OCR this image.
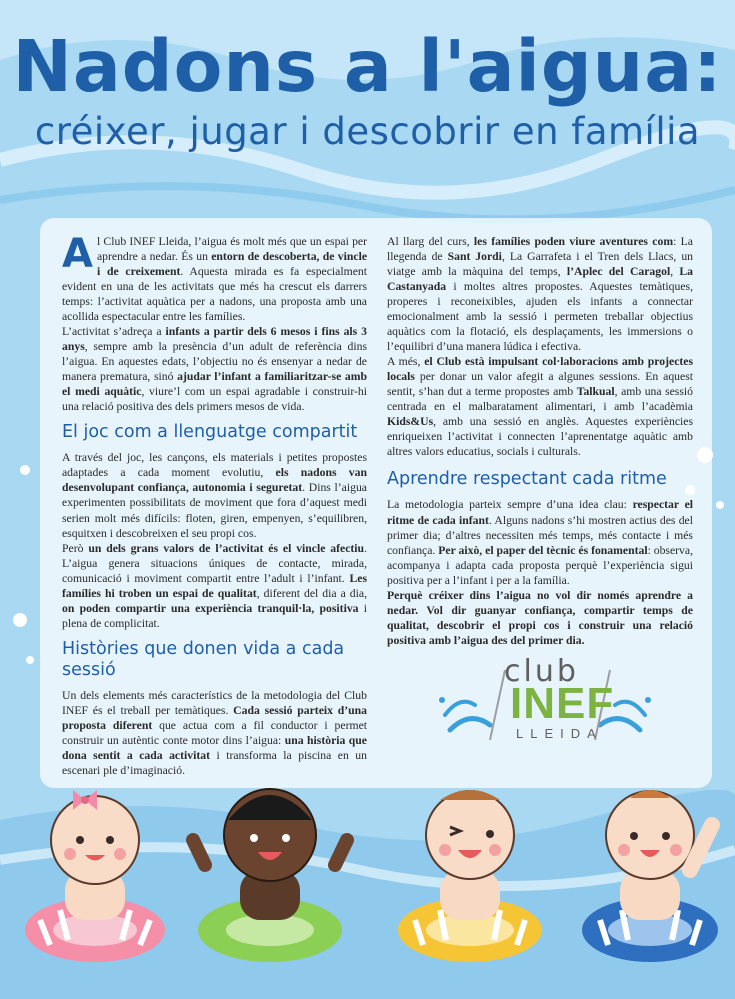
Nadons a l'aigua:
créixer, jugar i descobrir en família

Al Club INEF Lleida, l’aigua és molt més que un espai per aprendre a nedar. És un entorn de descoberta, de vincle i de creixement. Aquesta mirada es fa especialment evident en una de les activitats que més ha crescut els darrers temps: l’activitat aquàtica per a nadons, una proposta amb una acollida espectacular entre les famílies.

L’activitat s’adreça a infants a partir dels 6 mesos i fins als 3 anys, sempre amb la presència d’un adult de referència dins l’aigua. En aquestes edats, l’objectiu no és ensenyar a nedar de manera prematura, sinó ajudar l’infant a familiaritzar-se amb el medi aquàtic, viure’l com un espai agradable i construir-hi una relació positiva des dels primers mesos de vida.

El joc com a llenguatge compartit

A través del joc, les cançons, els materials i petites propostes adaptades a cada moment evolutiu, els nadons van desenvolupant confiança, autonomia i seguretat. Dins l’aigua experimenten possibilitats de moviment que fora d’aquest medi serien molt més difícils: floten, giren, empenyen, s’equilibren, esquitxen i descobreixen el seu propi cos.

Però un dels grans valors de l’activitat és el vincle afectiu. L’aigua genera situacions úniques de contacte, mirada, comunicació i moviment compartit entre l’adult i l’infant. Les famílies hi troben un espai de qualitat, diferent del dia a dia, on poden compartir una experiència tranquil·la, positiva i plena de complicitat.

Històries que donen vida a cada sessió

Un dels elements més característics de la metodologia del Club INEF és el treball per temàtiques. Cada sessió parteix d’una proposta diferent que actua com a fil conductor i permet construir un autèntic conte motor dins l’aigua: una història que dona sentit a cada activitat i transforma la piscina en un escenari ple d’imaginació.

Al llarg del curs, les famílies poden viure aventures com: La llegenda de Sant Jordi, La Garrafeta i el Tren dels Llacs, un viatge amb la màquina del temps, l’Aplec del Caragol, La Castanyada i moltes altres propostes. Aquestes temàtiques, properes i reconeixibles, ajuden els infants a connectar emocionalment amb la sessió i permeten treballar objectius aquàtics com la flotació, els desplaçaments, les immersions o l’equilibri d’una manera lúdica i efectiva.

A més, el Club està impulsant col·laboracions amb projectes locals per donar un valor afegit a algunes sessions. En aquest sentit, s’han dut a terme propostes amb Talkual, amb una sessió centrada en el malbaratament alimentari, i amb l’acadèmia Kids&Us, amb una sessió en anglès. Aquestes experiències enriqueixen l’activitat i connecten l’aprenentatge aquàtic amb altres valors educatius, socials i culturals.

Aprendre respectant cada ritme

La metodologia parteix sempre d’una idea clau: respectar el ritme de cada infant. Alguns nadons s’hi mostren actius des del primer dia; d’altres necessiten més temps, més contacte i més confiança. Per això, el paper del tècnic és fonamental: observa, acompanya i adapta cada proposta perquè l’experiència sigui positiva per a l’infant i per a la família.

Perquè créixer dins l’aigua no vol dir només aprendre a nedar. Vol dir guanyar confiança, compartir temps de qualitat, descobrir el propi cos i construir una relació positiva amb l’aigua des del primer dia.

club
INEF
LLEIDA
